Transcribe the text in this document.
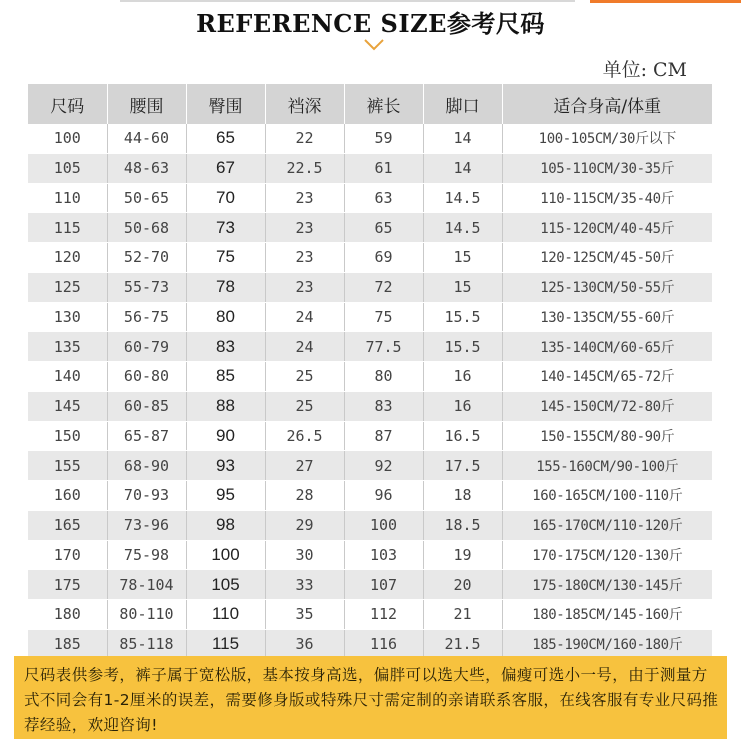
REFERENCE SIZE参考尺码
单位: CM
尺码	腰围	臀围	裆深	裤长	脚口	适合身高/体重
100	44-60	65	22	59	14	100-105CM/30斤以下
105	48-63	67	22.5	61	14	105-110CM/30-35斤
110	50-65	70	23	63	14.5	110-115CM/35-40斤
115	50-68	73	23	65	14.5	115-120CM/40-45斤
120	52-70	75	23	69	15	120-125CM/45-50斤
125	55-73	78	23	72	15	125-130CM/50-55斤
130	56-75	80	24	75	15.5	130-135CM/55-60斤
135	60-79	83	24	77.5	15.5	135-140CM/60-65斤
140	60-80	85	25	80	16	140-145CM/65-72斤
145	60-85	88	25	83	16	145-150CM/72-80斤
150	65-87	90	26.5	87	16.5	150-155CM/80-90斤
155	68-90	93	27	92	17.5	155-160CM/90-100斤
160	70-93	95	28	96	18	160-165CM/100-110斤
165	73-96	98	29	100	18.5	165-170CM/110-120斤
170	75-98	100	30	103	19	170-175CM/120-130斤
175	78-104	105	33	107	20	175-180CM/130-145斤
180	80-110	110	35	112	21	180-185CM/145-160斤
185	85-118	115	36	116	21.5	185-190CM/160-180斤
尺码表供参考，裤子属于宽松版，基本按身高选，偏胖可以选大些，偏瘦可选小一号，由于测量方式不同会有1-2厘米的误差，需要修身版或特殊尺寸需定制的亲请联系客服，在线客服有专业尺码推荐经验，欢迎咨询!
